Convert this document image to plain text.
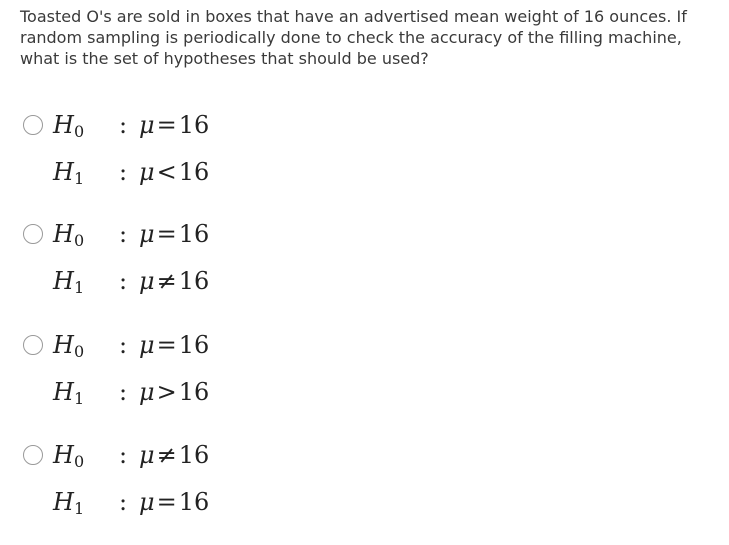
Toasted O's are sold in boxes that have an advertised mean weight of 16 ounces. If random sampling is periodically done to check the accuracy of the filling machine, what is the set of hypotheses that should be used?
$H_0$ : μ=16
$H_1$ : μ<16
$H_0$ : μ=16
$H_1$ : μ≠16
$H_0$ : μ=16
$H_1$ : μ>16
$H_0$ : μ≠16
$H_1$ : μ=16
